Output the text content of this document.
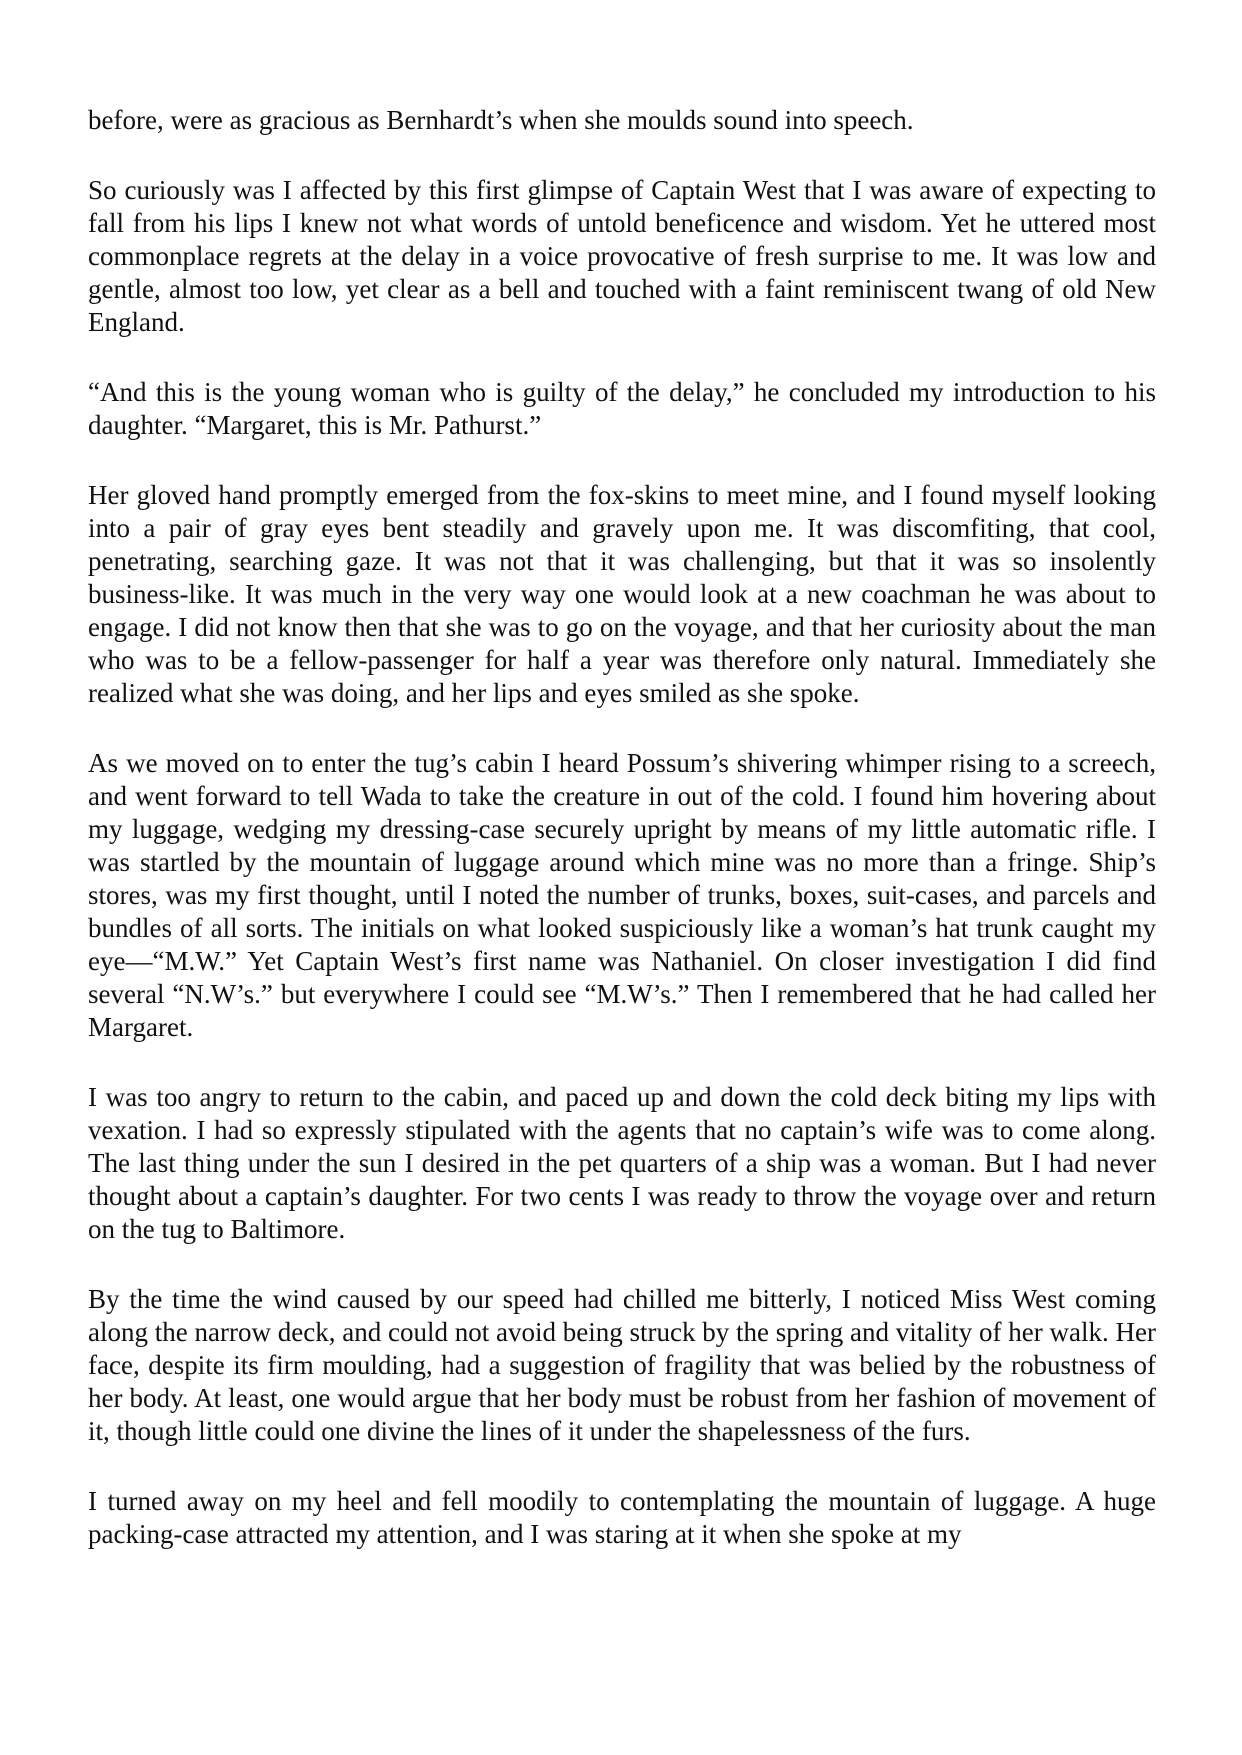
before, were as gracious as Bernhardt’s when she moulds sound into speech.

So curiously was I affected by this first glimpse of Captain West that I was aware of expecting to fall from his lips I knew not what words of untold beneficence and wisdom. Yet he uttered most commonplace regrets at the delay in a voice provocative of fresh surprise to me. It was low and gentle, almost too low, yet clear as a bell and touched with a faint reminiscent twang of old New England.

“And this is the young woman who is guilty of the delay,” he concluded my introduction to his daughter. “Margaret, this is Mr. Pathurst.”

Her gloved hand promptly emerged from the fox-skins to meet mine, and I found myself looking into a pair of gray eyes bent steadily and gravely upon me. It was discomfiting, that cool, penetrating, searching gaze. It was not that it was challenging, but that it was so insolently business-like. It was much in the very way one would look at a new coachman he was about to engage. I did not know then that she was to go on the voyage, and that her curiosity about the man who was to be a fellow-passenger for half a year was therefore only natural. Immediately she realized what she was doing, and her lips and eyes smiled as she spoke.

As we moved on to enter the tug’s cabin I heard Possum’s shivering whimper rising to a screech, and went forward to tell Wada to take the creature in out of the cold. I found him hovering about my luggage, wedging my dressing-case securely upright by means of my little automatic rifle. I was startled by the mountain of luggage around which mine was no more than a fringe. Ship’s stores, was my first thought, until I noted the number of trunks, boxes, suit-cases, and parcels and bundles of all sorts. The initials on what looked suspiciously like a woman’s hat trunk caught my eye—“M.W.” Yet Captain West’s first name was Nathaniel. On closer investigation I did find several “N.W’s.” but everywhere I could see “M.W’s.” Then I remembered that he had called her Margaret.

I was too angry to return to the cabin, and paced up and down the cold deck biting my lips with vexation. I had so expressly stipulated with the agents that no captain’s wife was to come along. The last thing under the sun I desired in the pet quarters of a ship was a woman. But I had never thought about a captain’s daughter. For two cents I was ready to throw the voyage over and return on the tug to Baltimore.

By the time the wind caused by our speed had chilled me bitterly, I noticed Miss West coming along the narrow deck, and could not avoid being struck by the spring and vitality of her walk. Her face, despite its firm moulding, had a suggestion of fragility that was belied by the robustness of her body. At least, one would argue that her body must be robust from her fashion of movement of it, though little could one divine the lines of it under the shapelessness of the furs.

I turned away on my heel and fell moodily to contemplating the mountain of luggage. A huge packing-case attracted my attention, and I was staring at it when she spoke at my
